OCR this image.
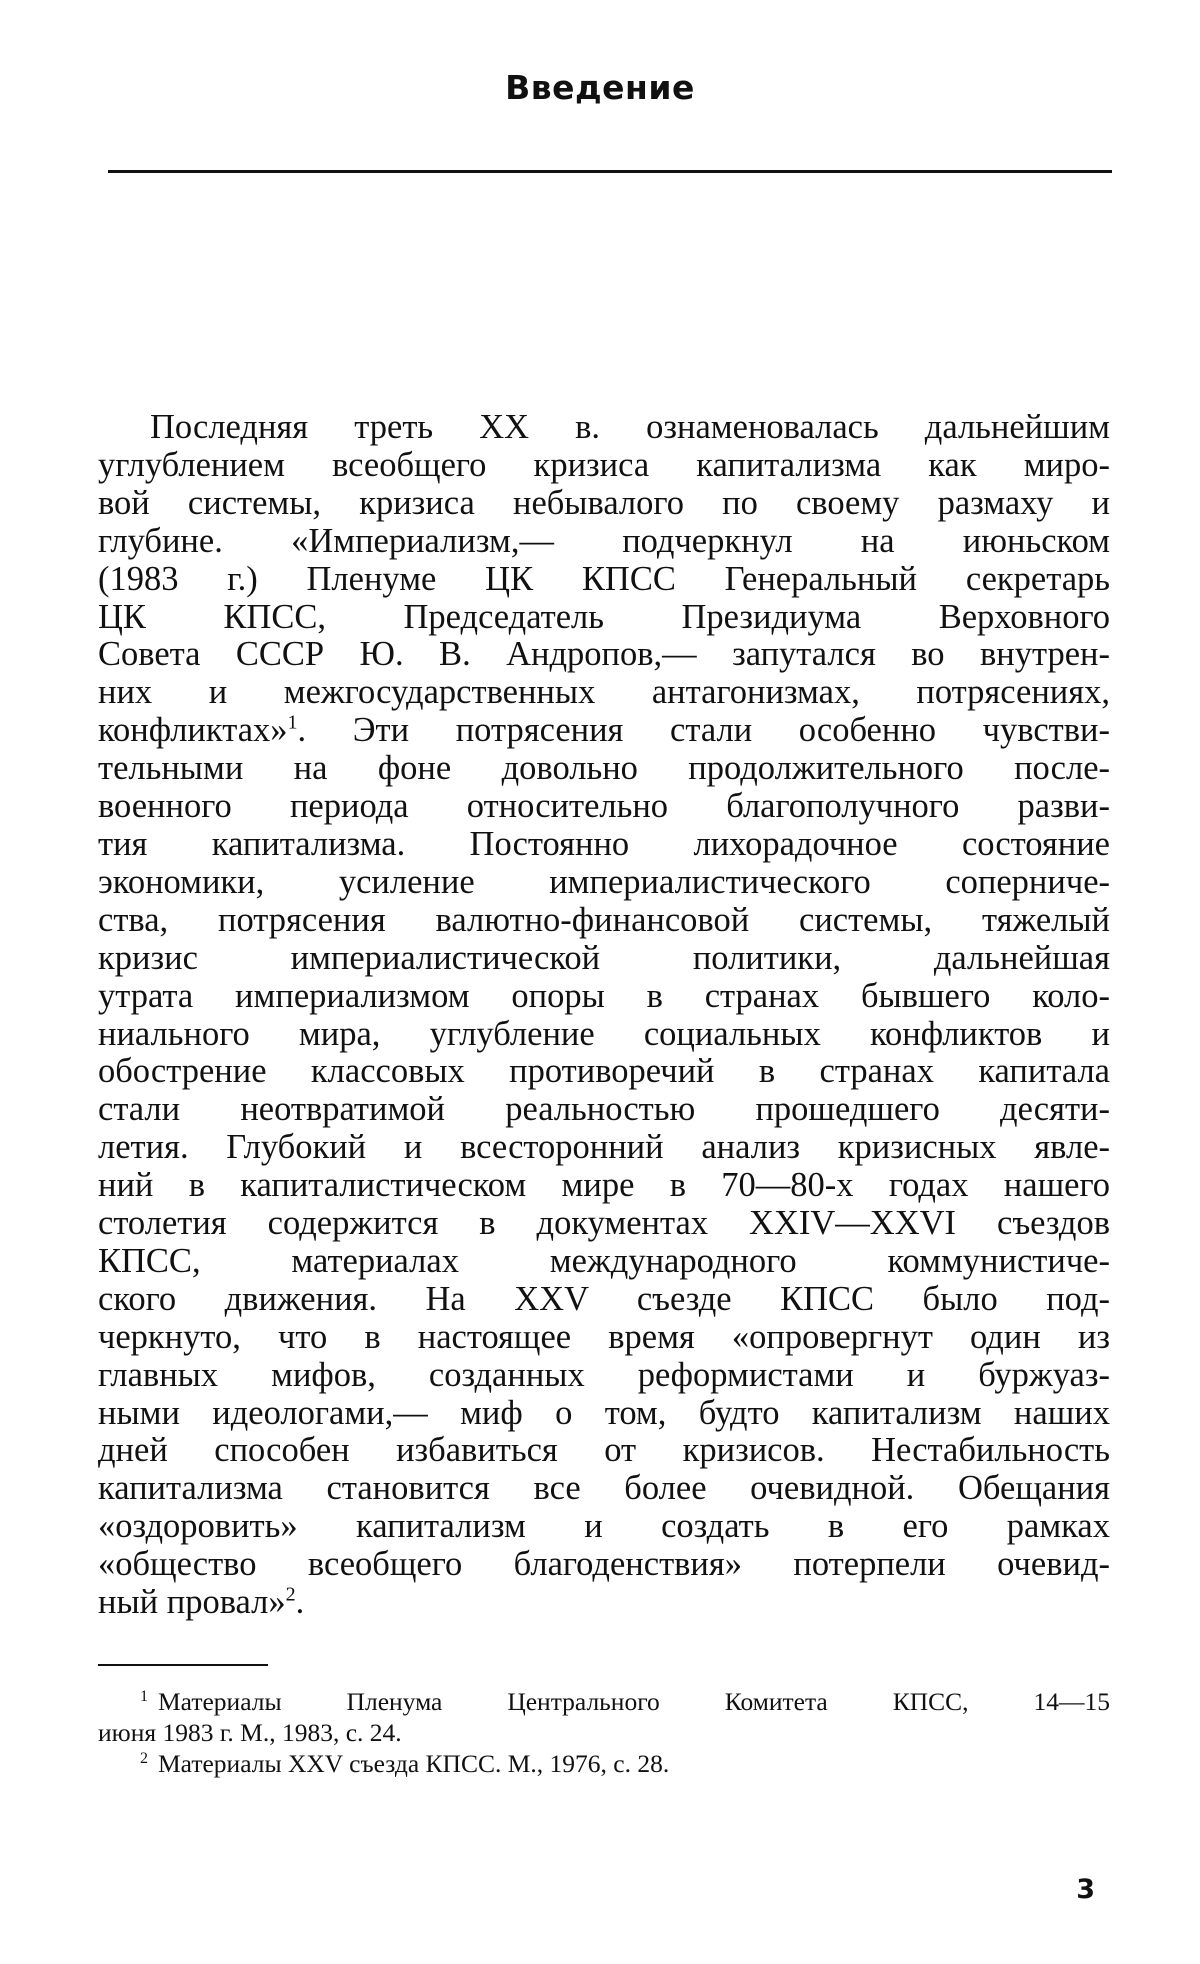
Введение
Последняя треть XX в. ознаменовалась дальнейшим
углублением всеобщего кризиса капитализма как миро-
вой системы, кризиса небывалого по своему размаху и
глубине. «Империализм,— подчеркнул на июньском
(1983 г.) Пленуме ЦК КПСС Генеральный секретарь
ЦК КПСС, Председатель Президиума Верховного
Совета СССР Ю. В. Андропов,— запутался во внутрен-
них и межгосударственных антагонизмах, потрясениях,
конфликтах»$^1$. Эти потрясения стали особенно чувстви-
тельными на фоне довольно продолжительного после-
военного периода относительно благополучного разви-
тия капитализма. Постоянно лихорадочное состояние
экономики, усиление империалистического соперниче-
ства, потрясения валютно-финансовой системы, тяжелый
кризис империалистической политики, дальнейшая
утрата империализмом опоры в странах бывшего коло-
ниального мира, углубление социальных конфликтов и
обострение классовых противоречий в странах капитала
стали неотвратимой реальностью прошедшего десяти-
летия. Глубокий и всесторонний анализ кризисных явле-
ний в капиталистическом мире в 70—80-х годах нашего
столетия содержится в документах XXIV—XXVI съездов
КПСС, материалах международного коммунистиче-
ского движения. На XXV съезде КПСС было под-
черкнуто, что в настоящее время «опровергнут один из
главных мифов, созданных реформистами и буржуаз-
ными идеологами,— миф о том, будто капитализм наших
дней способен избавиться от кризисов. Нестабильность
капитализма становится все более очевидной. Обещания
«оздоровить» капитализм и создать в его рамках
«общество всеобщего благоденствия» потерпели очевид-
ный провал»$^2$.
$^1$ Материалы Пленума Центрального Комитета КПСС, 14—15
июня 1983 г. М., 1983, с. 24.
$^2$ Материалы XXV съезда КПСС. М., 1976, с. 28.
3
